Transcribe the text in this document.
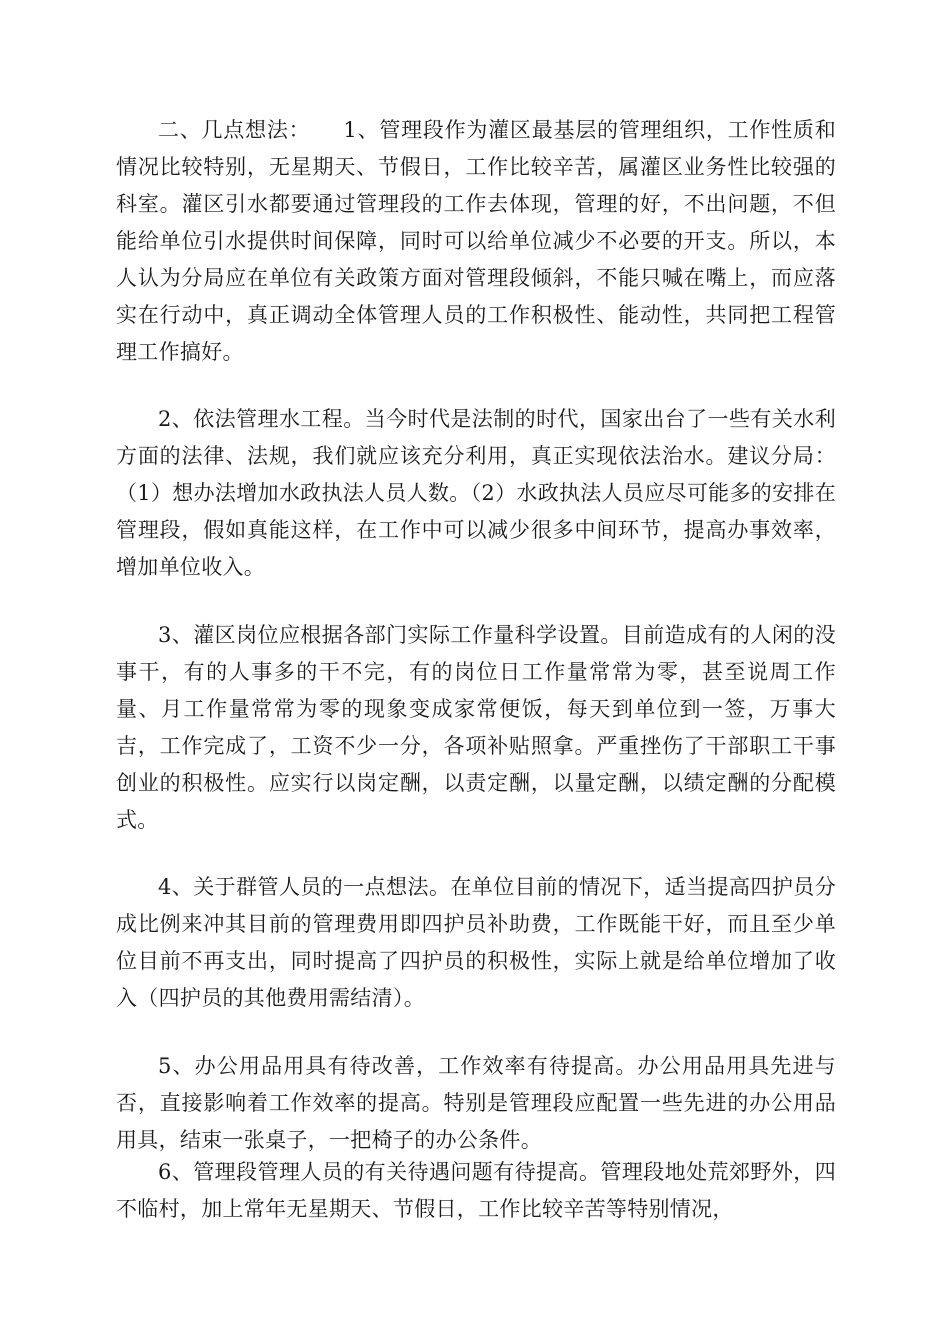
二、几点想法：　　1、管理段作为灌区最基层的管理组织，工作性质和情况比较特别，无星期天、节假日，工作比较辛苦，属灌区业务性比较强的科室。灌区引水都要通过管理段的工作去体现，管理的好，不出问题，不但能给单位引水提供时间保障，同时可以给单位减少不必要的开支。所以，本人认为分局应在单位有关政策方面对管理段倾斜，不能只喊在嘴上，而应落实在行动中，真正调动全体管理人员的工作积极性、能动性，共同把工程管理工作搞好。

2、依法管理水工程。当今时代是法制的时代，国家出台了一些有关水利方面的法律、法规，我们就应该充分利用，真正实现依法治水。建议分局：（1）想办法增加水政执法人员人数。（2）水政执法人员应尽可能多的安排在管理段，假如真能这样，在工作中可以减少很多中间环节，提高办事效率，增加单位收入。

3、灌区岗位应根据各部门实际工作量科学设置。目前造成有的人闲的没事干，有的人事多的干不完，有的岗位日工作量常常为零，甚至说周工作量、月工作量常常为零的现象变成家常便饭，每天到单位到一签，万事大吉，工作完成了，工资不少一分，各项补贴照拿。严重挫伤了干部职工干事创业的积极性。应实行以岗定酬，以责定酬，以量定酬，以绩定酬的分配模式。

4、关于群管人员的一点想法。在单位目前的情况下，适当提高四护员分成比例来冲其目前的管理费用即四护员补助费，工作既能干好，而且至少单位目前不再支出，同时提高了四护员的积极性，实际上就是给单位增加了收入（四护员的其他费用需结清）。

5、办公用品用具有待改善，工作效率有待提高。办公用品用具先进与否，直接影响着工作效率的提高。特别是管理段应配置一些先进的办公用品用具，结束一张桌子，一把椅子的办公条件。

6、管理段管理人员的有关待遇问题有待提高。管理段地处荒郊野外，四不临村，加上常年无星期天、节假日，工作比较辛苦等特别情况，
